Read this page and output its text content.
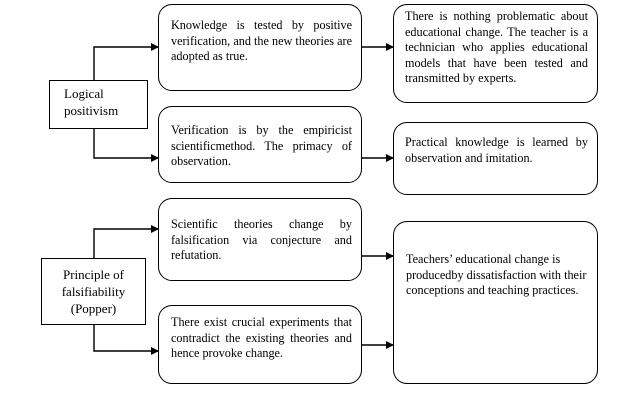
Logical positivism
Knowledge is tested by positive verification, and the new theories are adopted as true.
There is nothing problematic about educational change. The teacher is a technician who applies educational models that have been tested and transmitted by experts.
Verification is by the empiricist scientificmethod. The primacy of observation.
Practical knowledge is learned by observation and imitation.
Principle of falsifiability (Popper)
Scientific theories change by falsification via conjecture and refutation.
There exist crucial experiments that contradict the existing theories and hence provoke change.
Teachers’ educational change is producedby dissatisfaction with their conceptions and teaching practices.
